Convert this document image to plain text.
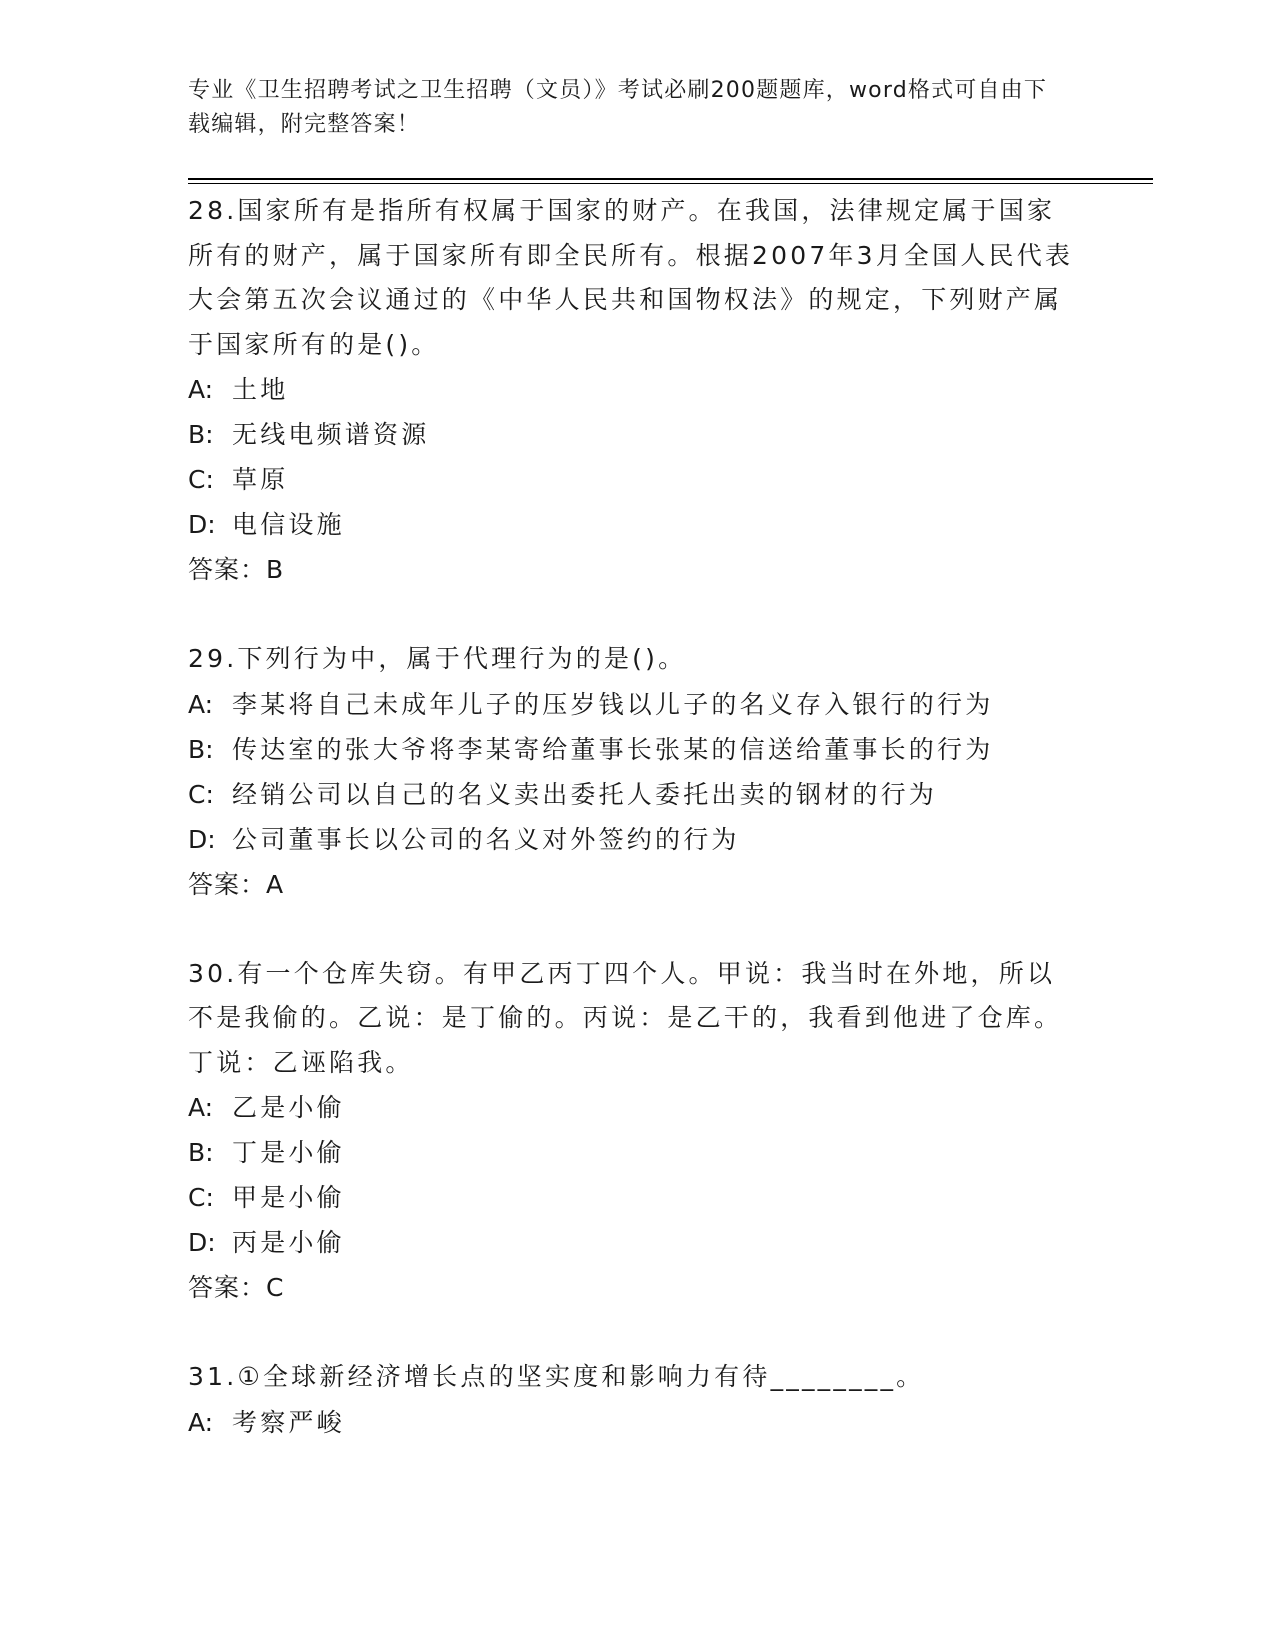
专业《卫生招聘考试之卫生招聘（文员）》考试必刷200题题库，word格式可自由下载编辑，附完整答案！
28.国家所有是指所有权属于国家的财产。在我国，法律规定属于国家所有的财产，属于国家所有即全民所有。根据2007年3月全国人民代表大会第五次会议通过的《中华人民共和国物权法》的规定，下列财产属于国家所有的是()。
A: 土地
B: 无线电频谱资源
C: 草原
D: 电信设施
答案：B
29.下列行为中，属于代理行为的是()。
A: 李某将自己未成年儿子的压岁钱以儿子的名义存入银行的行为
B: 传达室的张大爷将李某寄给董事长张某的信送给董事长的行为
C: 经销公司以自己的名义卖出委托人委托出卖的钢材的行为
D: 公司董事长以公司的名义对外签约的行为
答案：A
30.有一个仓库失窃。有甲乙丙丁四个人。甲说：我当时在外地，所以不是我偷的。乙说：是丁偷的。丙说：是乙干的，我看到他进了仓库。丁说：乙诬陷我。
A: 乙是小偷
B: 丁是小偷
C: 甲是小偷
D: 丙是小偷
答案：C
31.①全球新经济增长点的坚实度和影响力有待________。
A: 考察严峻
